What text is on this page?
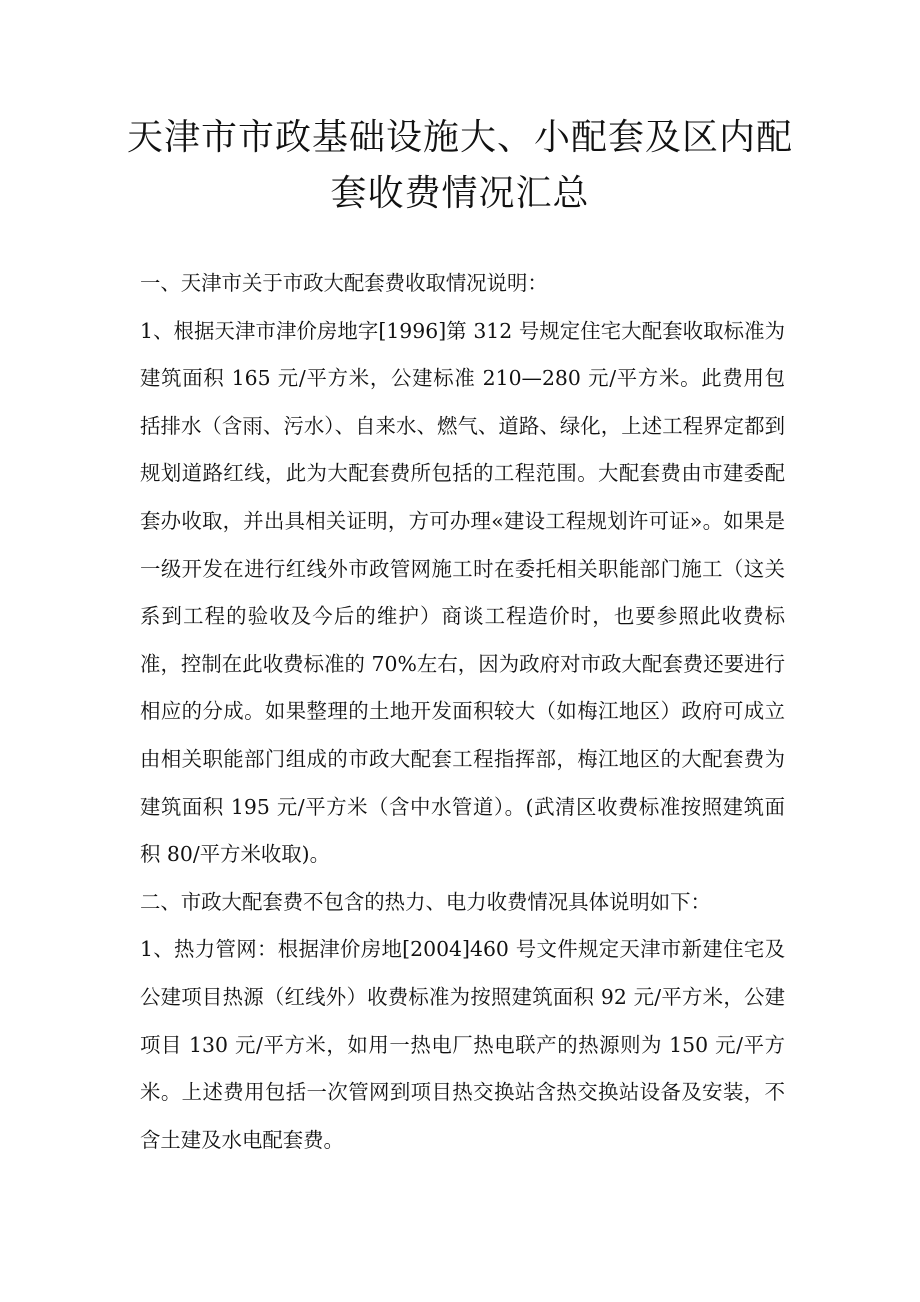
天津市市政基础设施大、小配套及区内配
套收费情况汇总

一、天津市关于市政大配套费收取情况说明：

1、根据天津市津价房地字[1996]第 312 号规定住宅大配套收取标准为建筑面积 165 元/平方米，公建标准 210—280 元/平方米。此费用包括排水（含雨、污水）、自来水、燃气、道路、绿化，上述工程界定都到规划道路红线，此为大配套费所包括的工程范围。大配套费由市建委配套办收取，并出具相关证明，方可办理«建设工程规划许可证»。如果是一级开发在进行红线外市政管网施工时在委托相关职能部门施工（这关系到工程的验收及今后的维护）商谈工程造价时，也要参照此收费标准，控制在此收费标准的 70%左右，因为政府对市政大配套费还要进行相应的分成。如果整理的土地开发面积较大（如梅江地区）政府可成立由相关职能部门组成的市政大配套工程指挥部，梅江地区的大配套费为建筑面积 195 元/平方米（含中水管道）。(武清区收费标准按照建筑面积 80/平方米收取)。

二、市政大配套费不包含的热力、电力收费情况具体说明如下：

1、热力管网：根据津价房地[2004]460 号文件规定天津市新建住宅及公建项目热源（红线外）收费标准为按照建筑面积 92 元/平方米，公建项目 130 元/平方米，如用一热电厂热电联产的热源则为 150 元/平方米。上述费用包括一次管网到项目热交换站含热交换站设备及安装，不含土建及水电配套费。
